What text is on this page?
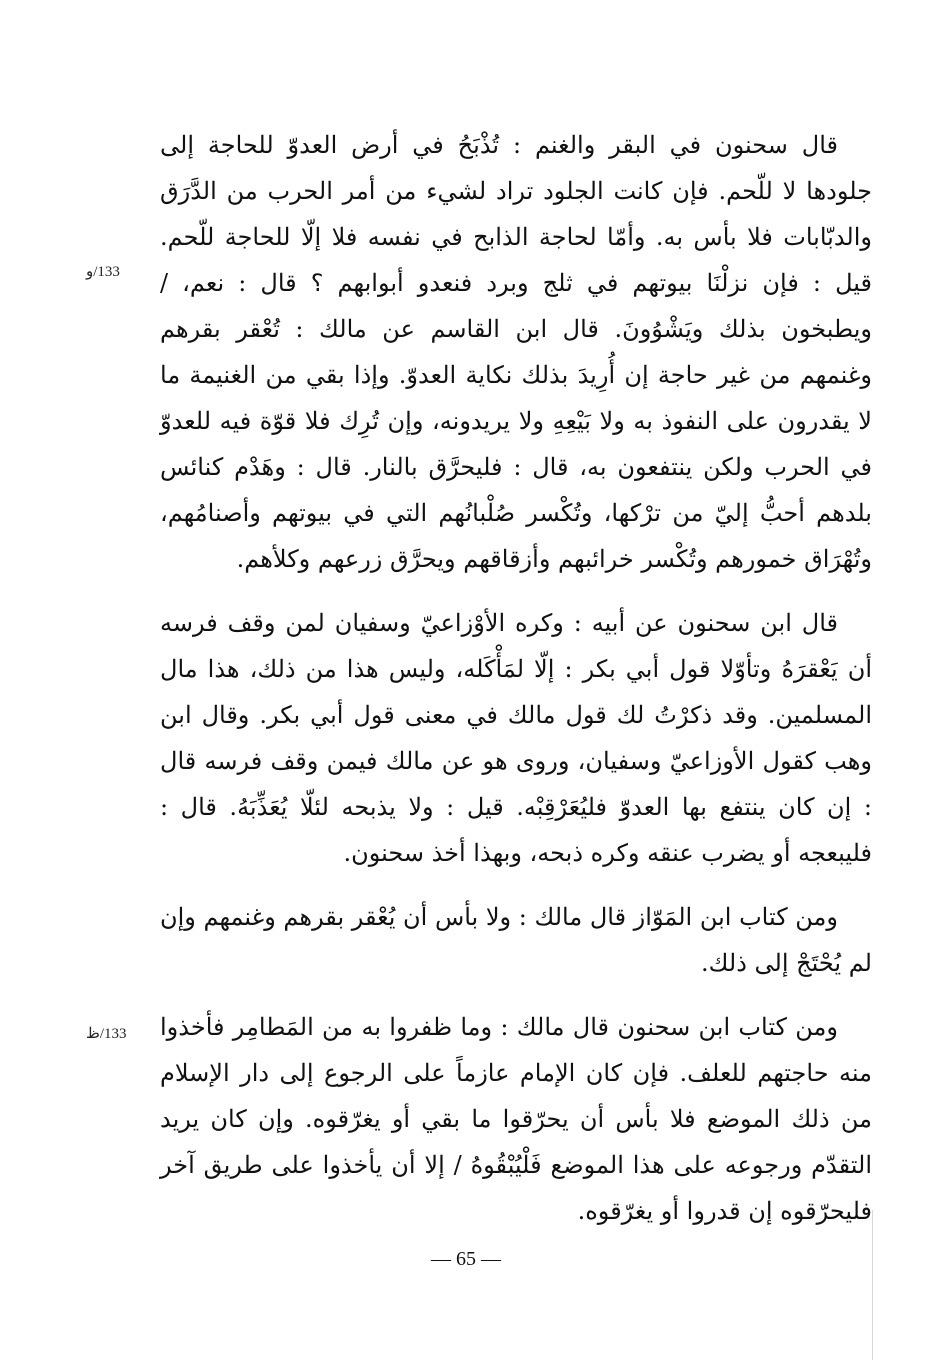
قال سحنون في البقر والغنم : تُذْبَحُ في أرض العدوّ للحاجة إلى جلودها لا للّحم. فإن كانت الجلود تراد لشيء من أمر الحرب من الدَّرَق والدبّابات فلا بأس به. وأمّا لحاجة الذابح في نفسه فلا إلّا للحاجة للّحم. قيل : فإن نزلْنَا بيوتهم في ثلج وبرد فنعدو أبوابهم ؟ قال : نعم، / ويطبخون بذلك ويَشْوُونَ. قال ابن القاسم عن مالك : تُعْقر بقرهم وغنمهم من غير حاجة إن أُرِيدَ بذلك نكاية العدوّ. وإذا بقي من الغنيمة ما لا يقدرون على النفوذ به ولا بَيْعِهِ ولا يريدونه، وإن تُرِك فلا قوّة فيه للعدوّ في الحرب ولكن ينتفعون به، قال : فليحرَّق بالنار. قال : وهَدْم كنائس بلدهم أحبُّ إليّ من ترْكها، وتُكْسر صُلْبانُهم التي في بيوتهم وأصنامُهم، وتُهْرَاق خمورهم وتُكْسر خرائبهم وأزقاقهم ويحرَّق زرعهم وكلأهم.

قال ابن سحنون عن أبيه : وكره الأوْزاعيّ وسفيان لمن وقف فرسه أن يَعْقرَهُ وتأوّلا قول أبي بكر : إلّا لمَأْكَله، وليس هذا من ذلك، هذا مال المسلمين. وقد ذكرْتُ لك قول مالك في معنى قول أبي بكر. وقال ابن وهب كقول الأوزاعيّ وسفيان، وروى هو عن مالك فيمن وقف فرسه قال : إن كان ينتفع بها العدوّ فليُعَرْقِبْه. قيل : ولا يذبحه لئلّا يُعَذِّبَهُ. قال : فليبعجه أو يضرب عنقه وكره ذبحه، وبهذا أخذ سحنون.

ومن كتاب ابن المَوّاز قال مالك : ولا بأس أن يُعْقر بقرهم وغنمهم وإن لم يُحْتَجْ إلى ذلك.

ومن كتاب ابن سحنون قال مالك : وما ظفروا به من المَطامِر فأخذوا منه حاجتهم للعلف. فإن كان الإمام عازماً على الرجوع إلى دار الإسلام من ذلك الموضع فلا بأس أن يحرّقوا ما بقي أو يغرّقوه. وإن كان يريد التقدّم ورجوعه على هذا الموضع فَلْيُبْقُوهُ / إلا أن يأخذوا على طريق آخر فليحرّقوه إن قدروا أو يغرّقوه.

133/و
133/ظ
— 65 —
